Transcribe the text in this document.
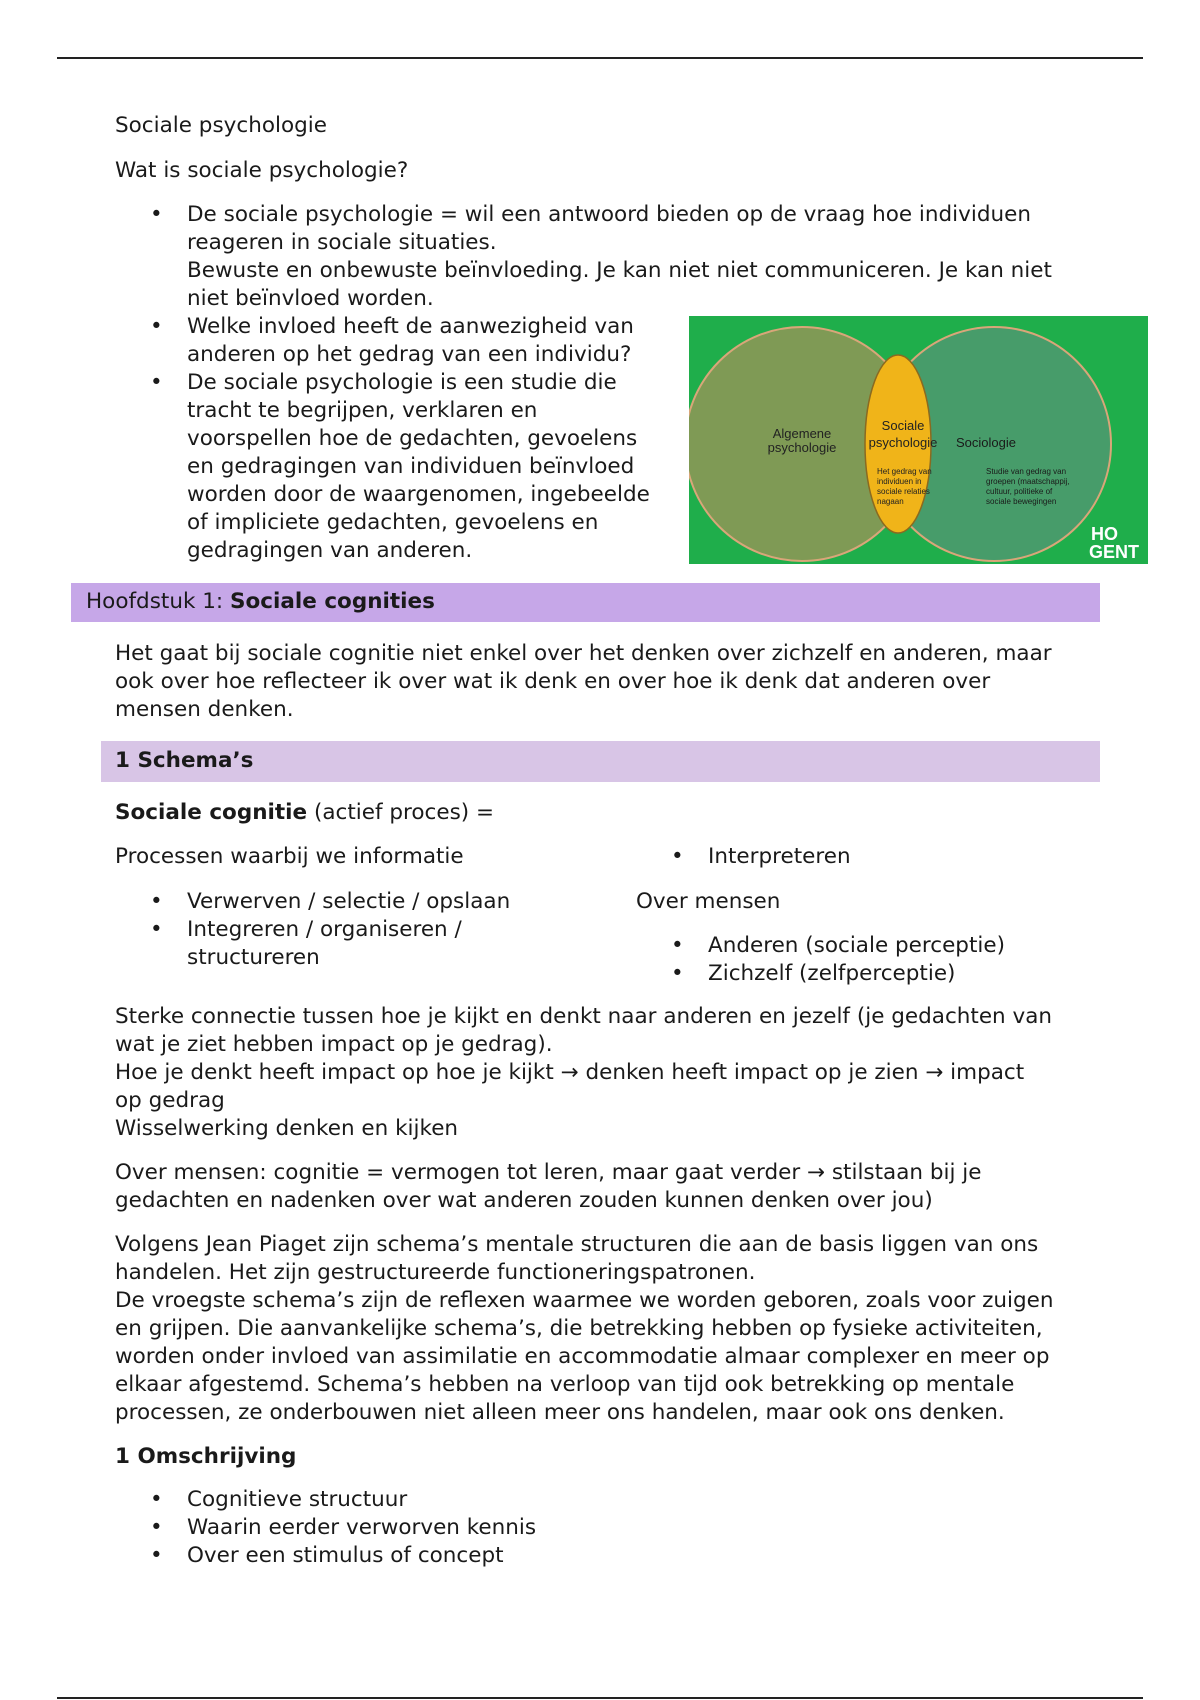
Sociale psychologie

Wat is sociale psychologie?

• De sociale psychologie = wil een antwoord bieden op de vraag hoe individuen
reageren in sociale situaties.
Bewuste en onbewuste beïnvloeding. Je kan niet niet communiceren. Je kan niet
niet beïnvloed worden.
• Welke invloed heeft de aanwezigheid van
anderen op het gedrag van een individu?
• De sociale psychologie is een studie die
tracht te begrijpen, verklaren en
voorspellen hoe de gedachten, gevoelens
en gedragingen van individuen beïnvloed
worden door de waargenomen, ingebeelde
of impliciete gedachten, gevoelens en
gedragingen van anderen.
Algemene
psychologie
Sociale
psychologie
Het gedrag van
individuen in
sociale relaties
nagaan
Sociologie
Studie van gedrag van
groepen (maatschappij,
cultuur, politieke of
sociale bewegingen
HO
GENT
Hoofdstuk 1: Sociale cognities

Het gaat bij sociale cognitie niet enkel over het denken over zichzelf en anderen, maar
ook over hoe reflecteer ik over wat ik denk en over hoe ik denk dat anderen over
mensen denken.

1 Schema’s

Sociale cognitie (actief proces) =

Processen waarbij we informatie

• Verwerven / selectie / opslaan
• Integreren / organiseren /
structureren
• Interpreteren

Over mensen

• Anderen (sociale perceptie)
• Zichzelf (zelfperceptie)

Sterke connectie tussen hoe je kijkt en denkt naar anderen en jezelf (je gedachten van
wat je ziet hebben impact op je gedrag).
Hoe je denkt heeft impact op hoe je kijkt → denken heeft impact op je zien → impact
op gedrag
Wisselwerking denken en kijken

Over mensen: cognitie = vermogen tot leren, maar gaat verder → stilstaan bij je
gedachten en nadenken over wat anderen zouden kunnen denken over jou)

Volgens Jean Piaget zijn schema’s mentale structuren die aan de basis liggen van ons
handelen. Het zijn gestructureerde functioneringspatronen.
De vroegste schema’s zijn de reflexen waarmee we worden geboren, zoals voor zuigen
en grijpen. Die aanvankelijke schema’s, die betrekking hebben op fysieke activiteiten,
worden onder invloed van assimilatie en accommodatie almaar complexer en meer op
elkaar afgestemd. Schema’s hebben na verloop van tijd ook betrekking op mentale
processen, ze onderbouwen niet alleen meer ons handelen, maar ook ons denken.

1 Omschrijving

• Cognitieve structuur
• Waarin eerder verworven kennis
• Over een stimulus of concept
